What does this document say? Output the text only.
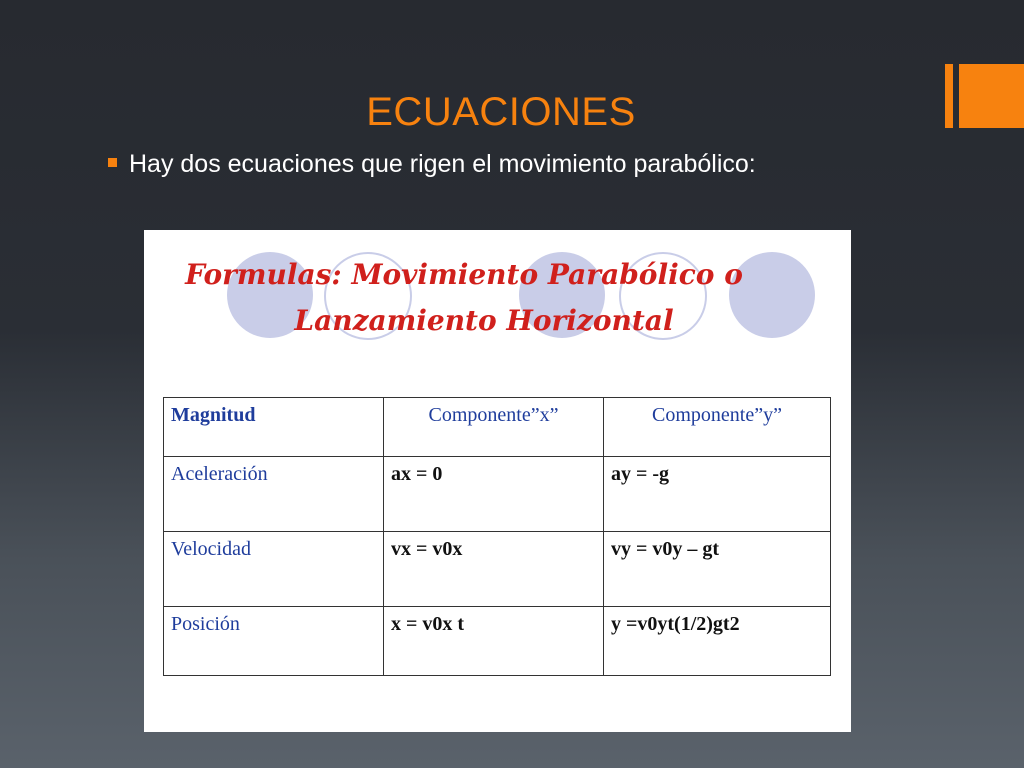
ECUACIONES
Hay dos ecuaciones que rigen el movimiento parabólico:
Formulas: Movimiento Parabólico o
Lanzamiento Horizontal
Magnitud	Componente”x”	Componente”y”
Aceleración	ax = 0	ay = -g
Velocidad	vx = v0x	vy = v0y – gt
Posición	x = v0x t	y =v0yt(1/2)gt2
